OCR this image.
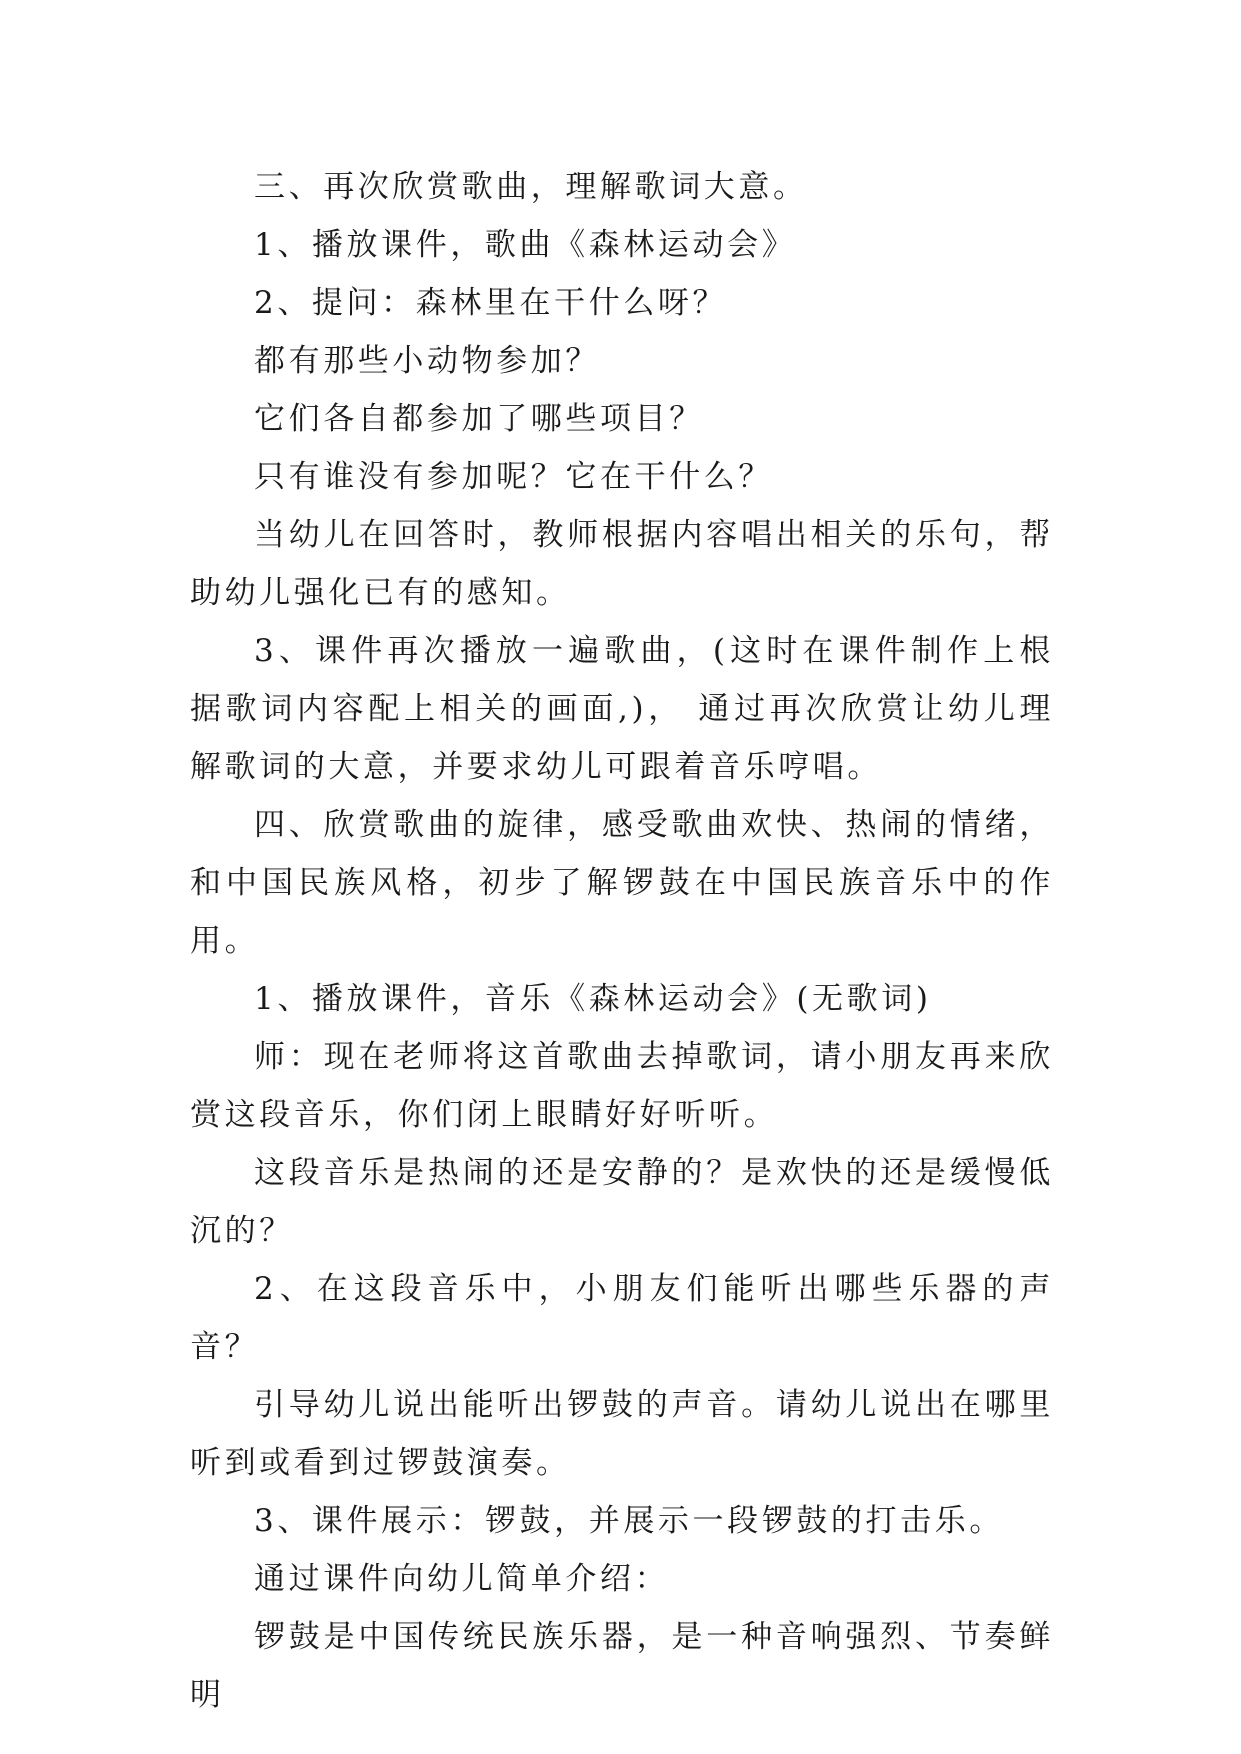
三、再次欣赏歌曲，理解歌词大意。

1、播放课件，歌曲《森林运动会》

2、提问：森林里在干什么呀？

都有那些小动物参加？

它们各自都参加了哪些项目？

只有谁没有参加呢？它在干什么？

当幼儿在回答时，教师根据内容唱出相关的乐句，帮助幼儿强化已有的感知。

3、课件再次播放一遍歌曲，(这时在课件制作上根据歌词内容配上相关的画面,)， 通过再次欣赏让幼儿理解歌词的大意，并要求幼儿可跟着音乐哼唱。

四、欣赏歌曲的旋律，感受歌曲欢快、热闹的情绪，和中国民族风格，初步了解锣鼓在中国民族音乐中的作用。

1、播放课件，音乐《森林运动会》(无歌词)

师：现在老师将这首歌曲去掉歌词，请小朋友再来欣赏这段音乐，你们闭上眼睛好好听听。

这段音乐是热闹的还是安静的？是欢快的还是缓慢低沉的？

2、在这段音乐中，小朋友们能听出哪些乐器的声音？

引导幼儿说出能听出锣鼓的声音。请幼儿说出在哪里听到或看到过锣鼓演奏。

3、课件展示：锣鼓，并展示一段锣鼓的打击乐。

通过课件向幼儿简单介绍：

锣鼓是中国传统民族乐器，是一种音响强烈、节奏鲜明
